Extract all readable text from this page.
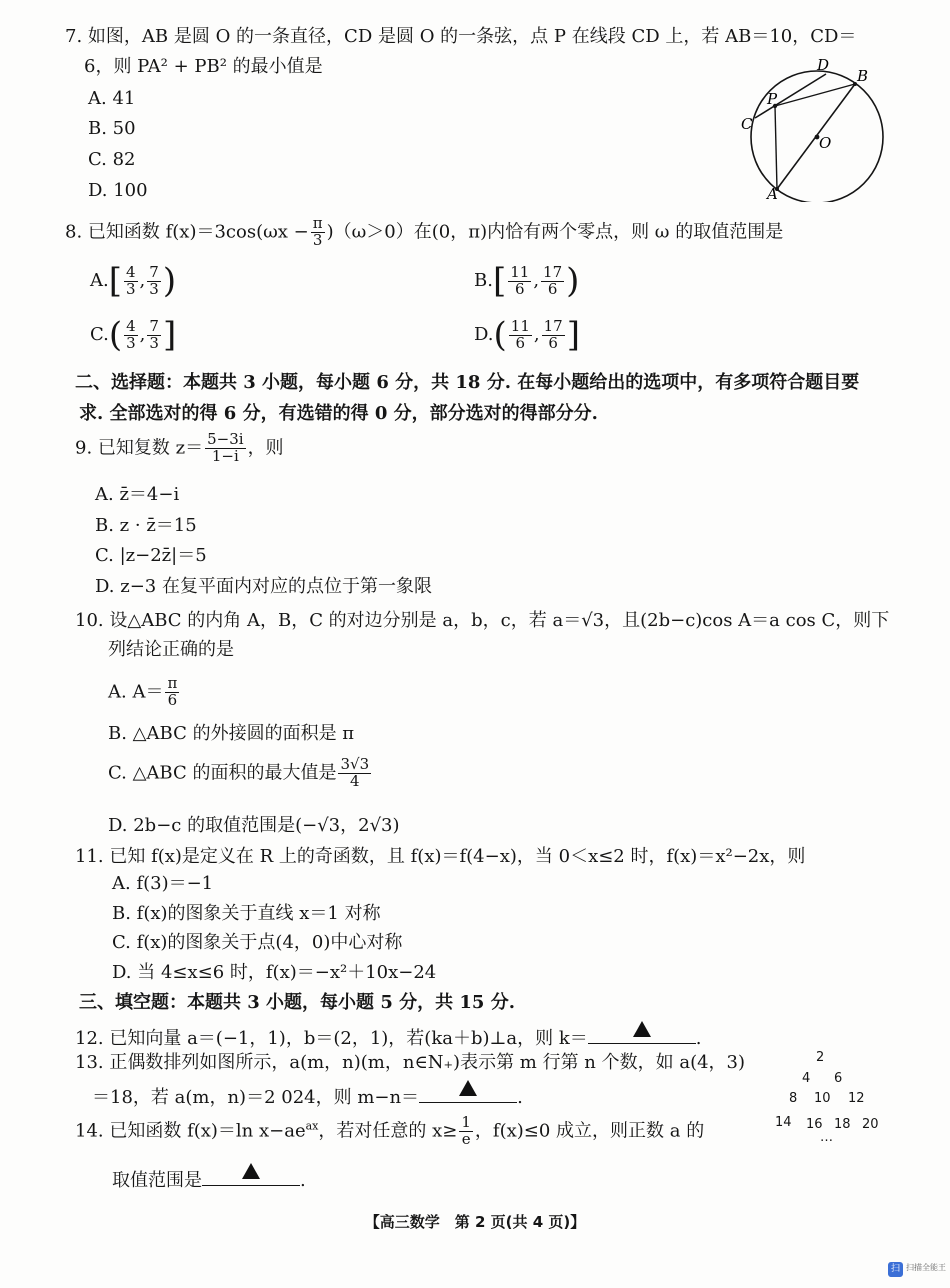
7. 如图，AB 是圆 O 的一条直径，CD 是圆 O 的一条弦，点 P 在线段 CD 上，若 AB＝10，CD＝
6，则 PA² + PB² 的最小值是
A. 41
B. 50
C. 82
D. 100
D
B
P
C
O
A
8. 已知函数 $f(x)=3\cos(\omega x - \frac{\pi}{3} )(\omega>0)$在(0，π)内恰有两个零点，则 ω 的取值范围是
$A.[ \frac{4}{3}$ , $\frac{7}{3}$ )	$B.[ \frac{11}{6}$ , $\frac{17}{6}$ )
$C.( \frac{4}{3}$ , $\frac{7}{3}$ ]	$D.( \frac{11}{6}$ , $\frac{17}{6}$ ]
二、选择题：本题共 3 小题，每小题 6 分，共 18 分. 在每小题给出的选项中，有多项符合题目要
求. 全部选对的得 6 分，有选错的得 0 分，部分选对的得部分分.
9. 已知复数 $z= \frac{5-3i}{1-i}$ ，则
A. z̄＝4−i
B. z · z̄＝15
C. |z−2z̄|＝5
D. z−3 在复平面内对应的点位于第一象限
10. 设△ABC 的内角 A，B，C 的对边分别是 a，b，c，若 a＝√3，且(2b−c)cos A＝a cos C，则下
列结论正确的是
A. $A= \frac{\pi}{6}$
B. △ABC 的外接圆的面积是 π
C. △ABC 的面积的最大值是 $\frac{3√3}{4}$
D. 2b−c 的取值范围是(−√3，2√3)
11. 已知 f(x)是定义在 R 上的奇函数，且 f(x)＝f(4−x)，当 0＜x≤2 时，f(x)＝x²−2x，则
A. f(3)＝−1
B. f(x)的图象关于直线 x＝1 对称
C. f(x)的图象关于点(4，0)中心对称
D. 当 4≤x≤6 时，f(x)＝−x²＋10x−24
三、填空题：本题共 3 小题，每小题 5 分，共 15 分.
12. 已知向量 a＝(−1，1)，b＝(2，1)，若(ka＋b)⊥a，则 k＝	.
13. 正偶数排列如图所示，a(m，n)(m，n∈N₊)表示第 m 行第 n 个数，如 a(4，3)
＝18，若 a(m，n)＝2 024，则 m−n＝	.
2
4 6
8 10 12
14 16 18 20
…
14. 已知函数 f(x)＝ln $x-ae^{ax}$，若对任意的 $x\ge \frac{1}{e}$ ，f(x)≤0 成立，则正数 a 的
取值范围是	.
【高三数学　第 2 页(共 4 页)】
扫 扫描全能王
